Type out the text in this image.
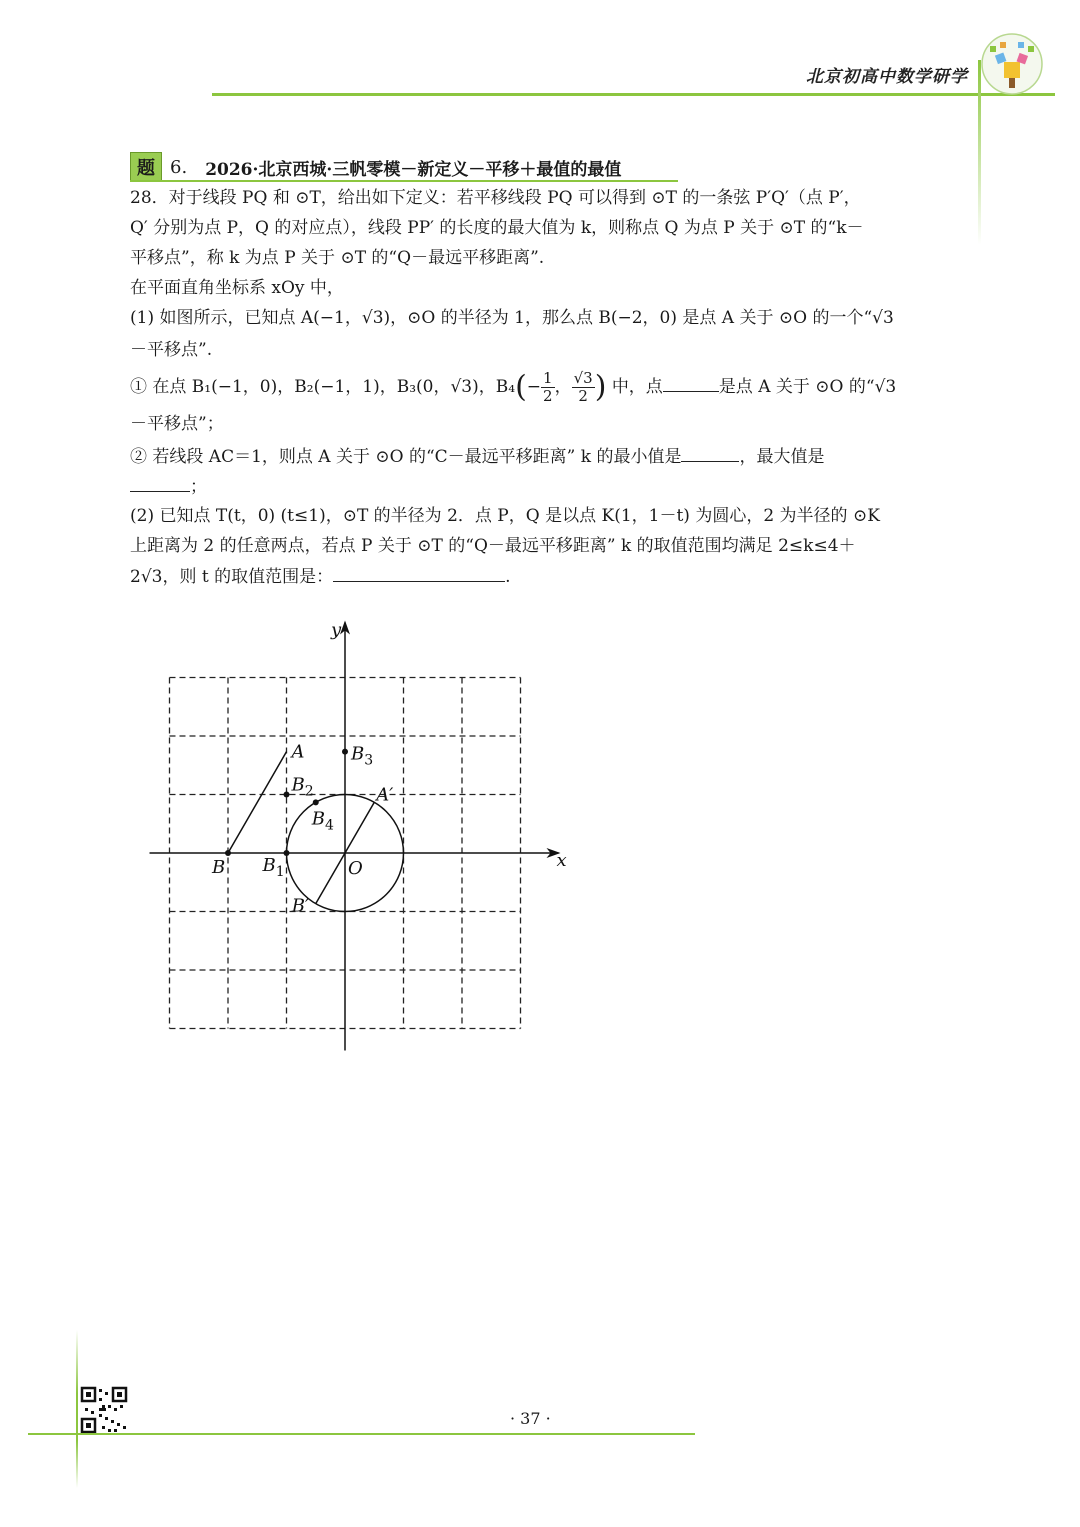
北京初高中数学研学
题 6. 2026·北京西城·三帆零模－新定义－平移＋最值的最值
28．对于线段 PQ 和 ⊙T，给出如下定义：若平移线段 PQ 可以得到 ⊙T 的一条弦 P′Q′（点 P′，
Q′ 分别为点 P，Q 的对应点），线段 PP′ 的长度的最大值为 k，则称点 Q 为点 P 关于 ⊙T 的“k－
平移点”，称 k 为点 P 关于 ⊙T 的“Q－最远平移距离”.
在平面直角坐标系 xOy 中，
(1) 如图所示，已知点 A(−1，√3)，⊙O 的半径为 1，那么点 B(−2，0) 是点 A 关于 ⊙O 的一个“√3
－平移点”.
① 在点 B₁(−1，0)，B₂(−1，1)，B₃(0，√3)，$B_4(- \frac{1}{2}$ ， $\frac{√3}{2}$ ) 中，点	是点 A 关于 ⊙O 的“√3
－平移点”；
② 若线段 AC＝1，则点 A 关于 ⊙O 的“C－最远平移距离” k 的最小值是	，最大值是
；
(2) 已知点 T(t，0) (t≤1)，⊙T 的半径为 2．点 P，Q 是以点 K(1，1－t) 为圆心，2 为半径的 ⊙K
上距离为 2 的任意两点，若点 P 关于 ⊙T 的“Q－最远平移距离” k 的取值范围均满足 2≤k≤4＋
2√3，则 t 的取值范围是：	.
y
x
O
A
A′
B
B′
$B_1$
$B_2$
$B_3$
$B_4$
· 37 ·
